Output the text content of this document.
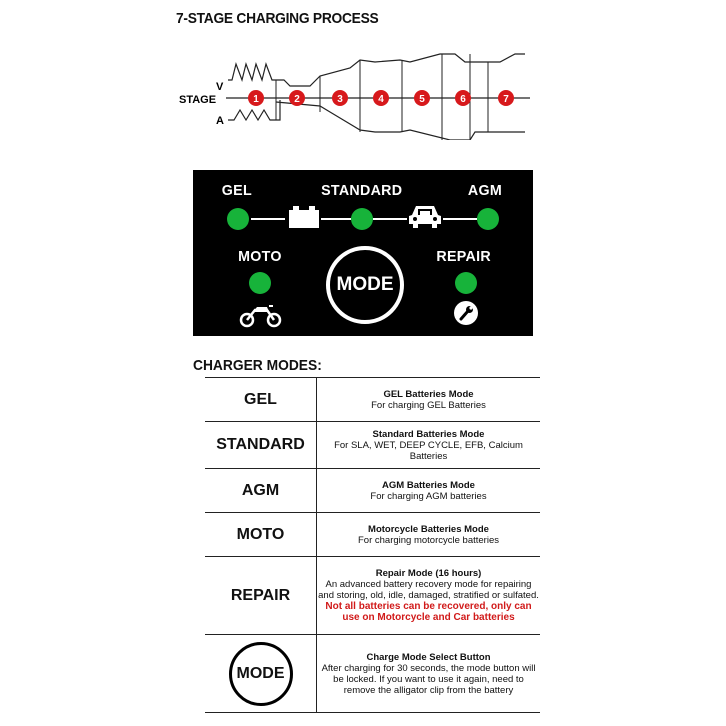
7-STAGE CHARGING PROCESS
1	2	3	4	5	6	7
V
STAGE
A
GEL	STANDARD	AGM
MOTO	REPAIR
MODE
CHARGER MODES:
GEL	GEL Batteries Mode
For charging GEL Batteries
STANDARD	Standard Batteries Mode
For SLA, WET, DEEP CYCLE, EFB, Calcium Batteries
AGM	AGM Batteries Mode
For charging AGM batteries
MOTO	Motorcycle Batteries Mode
For charging motorcycle batteries
REPAIR	Repair Mode (16 hours)
An advanced battery recovery mode for repairing and storing, old, idle, damaged, stratified or sulfated.
Not all batteries can be recovered, only can use on Motorcycle and Car batteries

MODE	Charge Mode Select Button
After charging for 30 seconds, the mode button will be locked. If you want to use it again, need to remove the alligator clip from the battery
